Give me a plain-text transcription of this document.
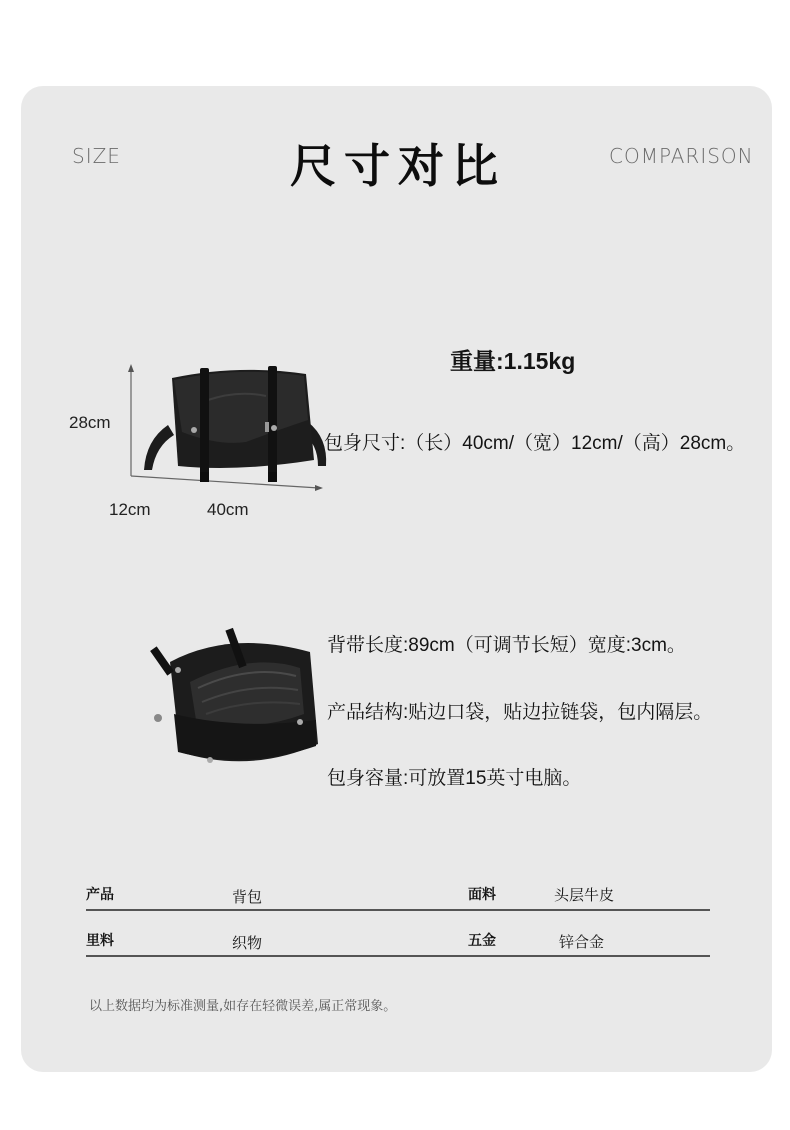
SIZE	尺寸对比	COMPARISON
28cm
12cm	40cm
重量:1.15kg
包身尺寸:（长）40cm/（宽）12cm/（高）28cm。
背带长度:89cm（可调节长短）宽度:3cm。
产品结构:贴边口袋，贴边拉链袋，包内隔层。
包身容量:可放置15英寸电脑。
产品	背包	面料	头层牛皮
里料	织物	五金	锌合金
以上数据均为标准测量,如存在轻微误差,属正常现象。
